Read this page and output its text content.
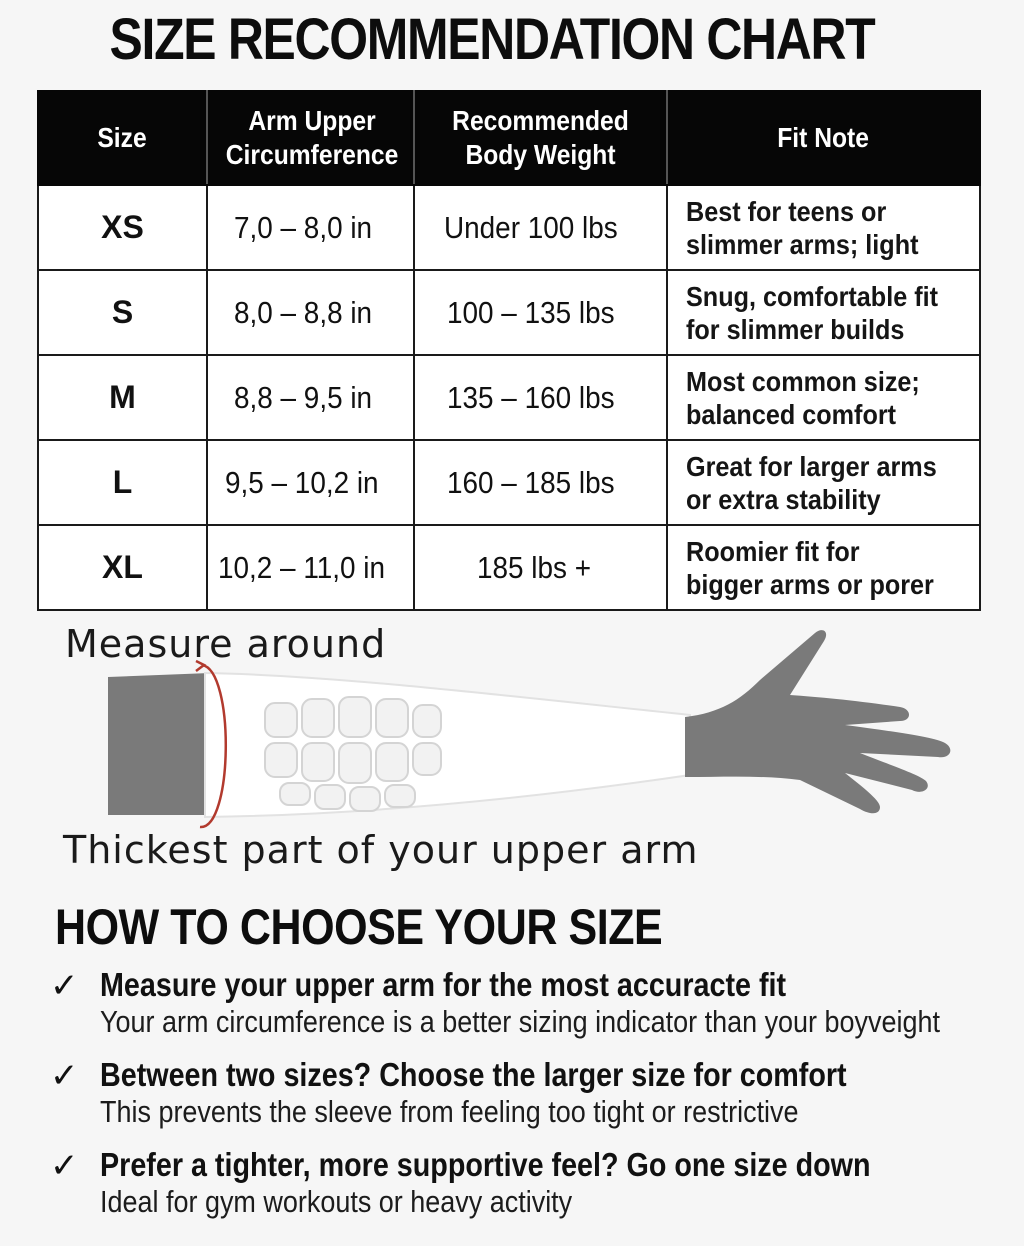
SIZE RECOMMENDATION CHART
Size	Arm Upper Circumference	Recommended Body Weight	Fit Note
XS	7,0 – 8,0 in	Under 100 lbs	Best for teens or slimmer arms; light
S	8,0 – 8,8 in	100 – 135 lbs	Snug, comfortable fit for slimmer builds
M	8,8 – 9,5 in	135 – 160 lbs	Most common size; balanced comfort
L	9,5 – 10,2 in	160 – 185 lbs	Great for larger arms or extra stability
XL	10,2 – 11,0 in	185 lbs +	Roomier fit for bigger arms or porer
Measure around
Thickest part of your upper arm
HOW TO CHOOSE YOUR SIZE
✓ Measure your upper arm for the most accuracte fit
Your arm circumference is a better sizing indicator than your boyveight
✓ Between two sizes? Choose the larger size for comfort
This prevents the sleeve from feeling too tight or restrictive
✓ Prefer a tighter, more supportive feel? Go one size down
Ideal for gym workouts or heavy activity
